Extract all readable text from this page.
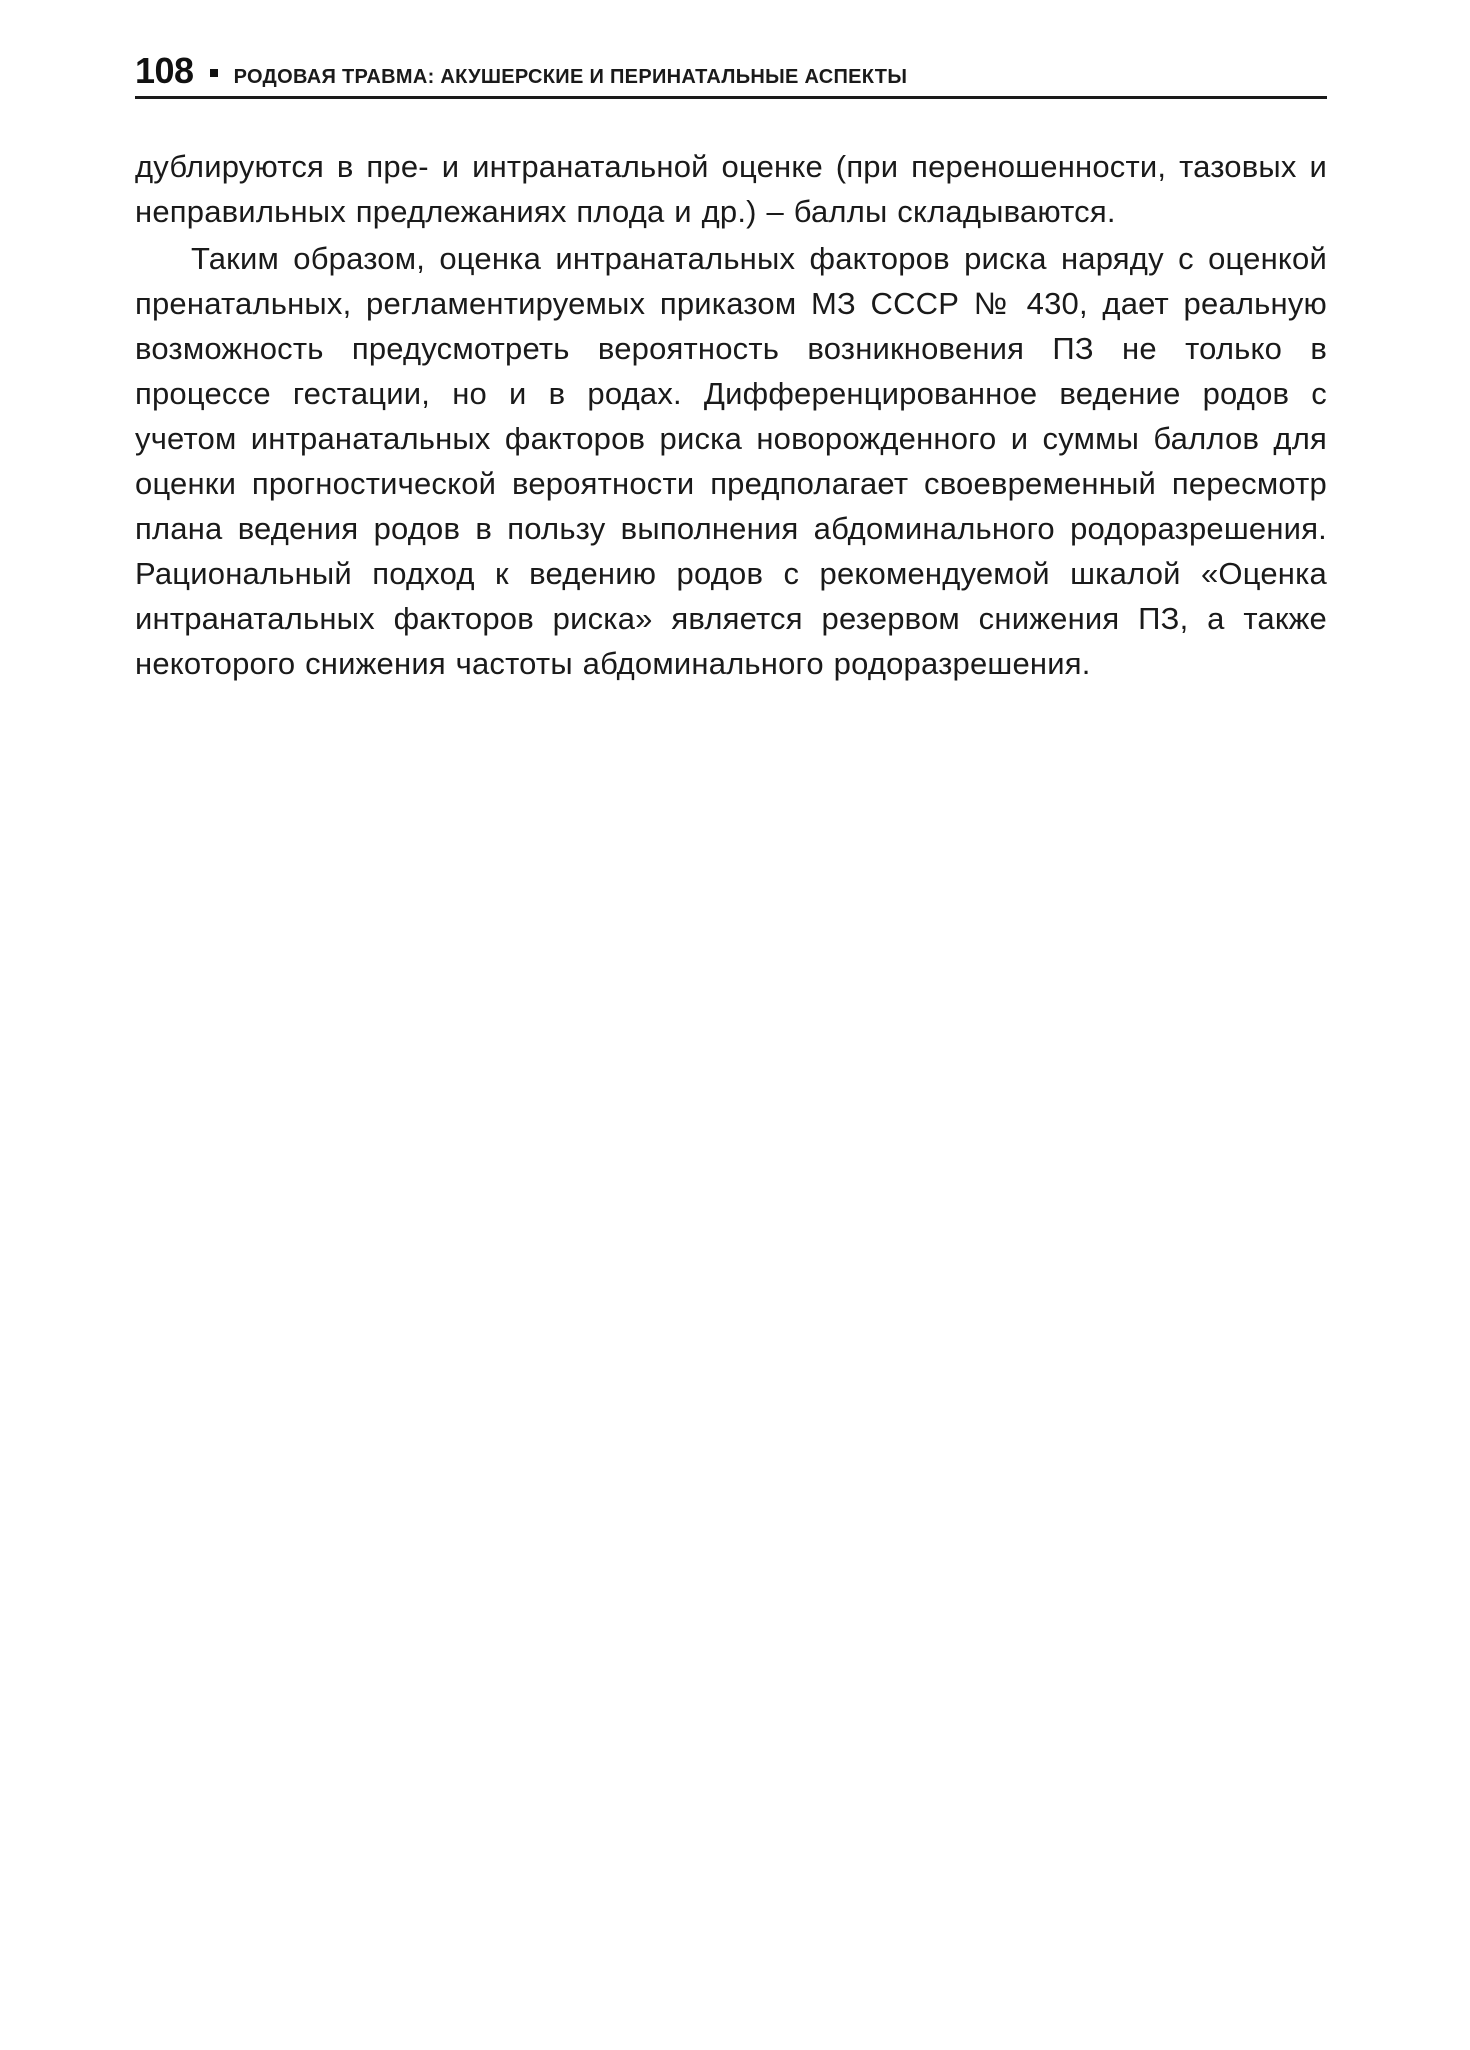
108 РОДОВАЯ ТРАВМА: АКУШЕРСКИЕ И ПЕРИНАТАЛЬНЫЕ АСПЕКТЫ

дублируются в пре- и интранатальной оценке (при переношенности, тазовых и неправильных предлежаниях плода и др.) – баллы складываются.

Таким образом, оценка интранатальных факторов риска наряду с оценкой пренатальных, регламентируемых приказом МЗ СССР № 430, дает реальную возможность предусмотреть вероятность возникновения ПЗ не только в процессе гестации, но и в родах. Дифференцированное ведение родов с учетом интранатальных факторов риска новорожденного и суммы баллов для оценки прогностической вероятности предполагает своевременный пересмотр плана ведения родов в пользу выполнения абдоминального родоразрешения. Рациональный подход к ведению родов с рекомендуемой шкалой «Оценка интранатальных факторов риска» является резервом снижения ПЗ, а также некоторого снижения частоты абдоминального родоразрешения.
